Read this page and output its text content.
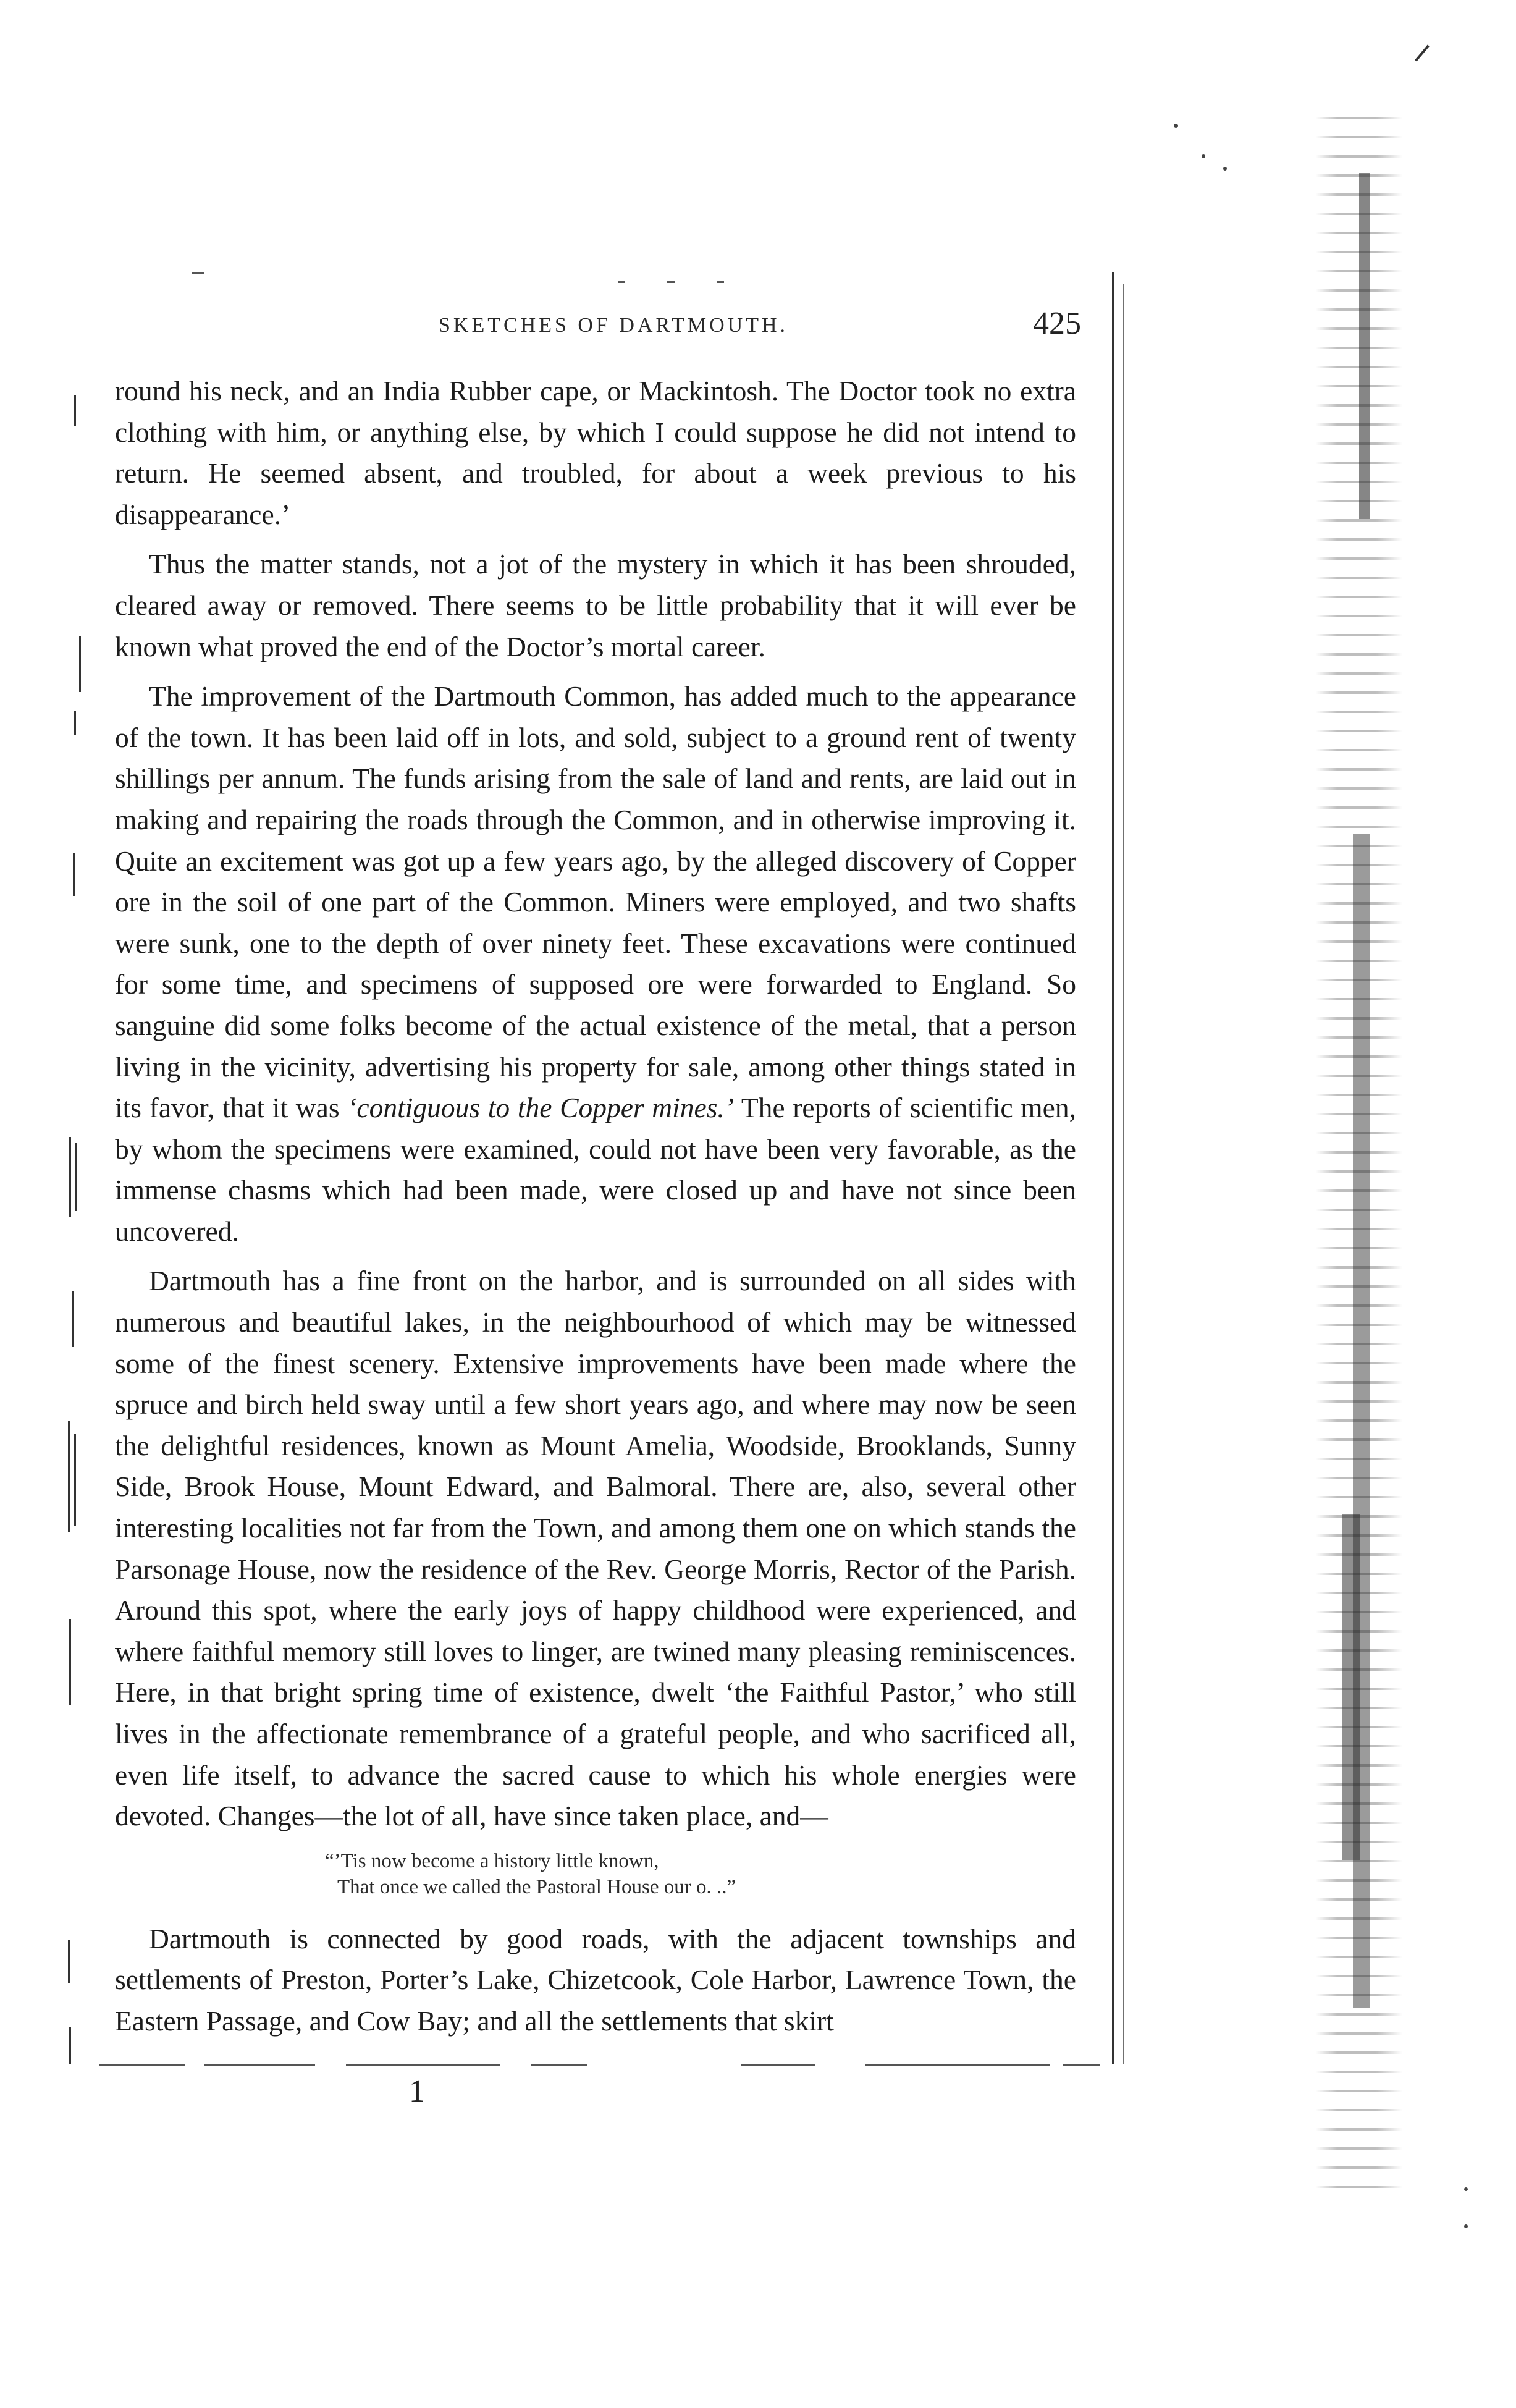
SKETCHES OF DARTMOUTH.	425

round his neck, and an India Rubber cape, or Mackintosh. The Doctor took no extra clothing with him, or anything else, by which I could suppose he did not intend to return. He seemed absent, and troubled, for about a week previous to his disappearance.’

Thus the matter stands, not a jot of the mystery in which it has been shrouded, cleared away or removed. There seems to be little probability that it will ever be known what proved the end of the Doctor’s mortal career.

The improvement of the Dartmouth Common, has added much to the appearance of the town. It has been laid off in lots, and sold, subject to a ground rent of twenty shillings per annum. The funds arising from the sale of land and rents, are laid out in making and repairing the roads through the Common, and in otherwise improving it. Quite an excitement was got up a few years ago, by the alleged discovery of Copper ore in the soil of one part of the Common. Miners were employed, and two shafts were sunk, one to the depth of over ninety feet. These excavations were continued for some time, and specimens of supposed ore were forwarded to England. So sanguine did some folks become of the actual existence of the metal, that a person living in the vicinity, advertising his property for sale, among other things stated in its favor, that it was ‘contiguous to the Copper mines.’ The reports of scientific men, by whom the specimens were examined, could not have been very favorable, as the immense chasms which had been made, were closed up and have not since been uncovered.

Dartmouth has a fine front on the harbor, and is surrounded on all sides with numerous and beautiful lakes, in the neighbourhood of which may be witnessed some of the finest scenery. Extensive improvements have been made where the spruce and birch held sway until a few short years ago, and where may now be seen the delightful residences, known as Mount Amelia, Woodside, Brooklands, Sunny Side, Brook House, Mount Edward, and Balmoral. There are, also, several other interesting localities not far from the Town, and among them one on which stands the Parsonage House, now the residence of the Rev. George Morris, Rector of the Parish. Around this spot, where the early joys of happy childhood were experienced, and where faithful memory still loves to linger, are twined many pleasing reminiscences. Here, in that bright spring time of existence, dwelt ‘the Faithful Pastor,’ who still lives in the affectionate remembrance of a grateful people, and who sacrificed all, even life itself, to advance the sacred cause to which his whole energies were devoted. Changes—the lot of all, have since taken place, and—

“’Tis now become a history little known,
That once we called the Pastoral House our o. ..”

Dartmouth is connected by good roads, with the adjacent townships and settlements of Preston, Porter’s Lake, Chizetcook, Cole Harbor, Lawrence Town, the Eastern Passage, and Cow Bay; and all the settlements that skirt

1
